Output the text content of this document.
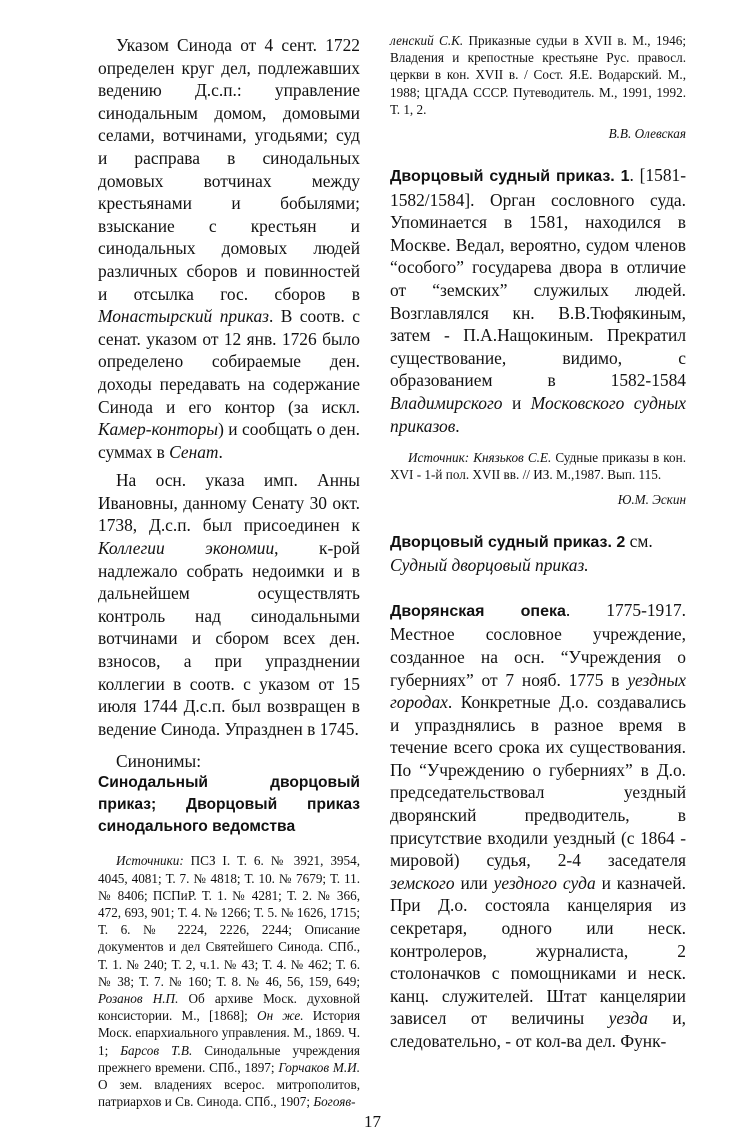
Указом Синода от 4 сент. 1722 определен круг дел, подлежавших ведению Д.с.п.: управление синодальным домом, домовыми селами, вотчинами, угодьями; суд и расправа в синодальных домовых вотчинах между крестьянами и бобылями; взыскание с крестьян и синодальных домовых людей различных сборов и повинностей и отсылка гос. сборов в Монастырский приказ. В соотв. с сенат. указом от 12 янв. 1726 было определено собираемые ден. доходы передавать на содержание Синода и его контор (за искл. Камер-конторы) и сообщать о ден. суммах в Сенат.

На осн. указа имп. Анны Ивановны, данному Сенату 30 окт. 1738, Д.с.п. был присоединен к Коллегии экономии, к-рой надлежало собрать недоимки и в дальнейшем осуществлять контроль над синодальными вотчинами и сбором всех ден. взносов, а при упразднении коллегии в соотв. с указом от 15 июля 1744 Д.с.п. был возвращен в ведение Синода. Упразднен в 1745.

Синонимы:

Синодальный дворцовый приказ; Дворцовый приказ синодального ведомства

Источники: ПСЗ I. Т. 6. № 3921, 3954, 4045, 4081; Т. 7. № 4818; Т. 10. № 7679; Т. 11. № 8406; ПСПиР. Т. 1. № 4281; Т. 2. № 366, 472, 693, 901; Т. 4. № 1266; Т. 5. № 1626, 1715; Т. 6. № 2224, 2226, 2244; Описание документов и дел Святейшего Синода. СПб., Т. 1. № 240; Т. 2, ч.1. № 43; Т. 4. № 462; Т. 6. № 38; Т. 7. № 160; Т. 8. № 46, 56, 159, 649; Розанов Н.П. Об архиве Моск. духовной консистории. М., [1868]; Он же. История Моск. епархиального управления. М., 1869. Ч. 1; Барсов Т.В. Синодальные учреждения прежнего времени. СПб., 1897; Горчаков М.И. О зем. владениях всерос. митрополитов, патриархов и Св. Синода. СПб., 1907; Богояв-

ленский С.К. Приказные судьи в XVII в. М., 1946; Владения и крепостные крестьяне Рус. правосл. церкви в кон. XVII в. / Сост. Я.Е. Водарский. М., 1988; ЦГАДА СССР. Путеводитель. М., 1991, 1992. Т. 1, 2.

В.В. Олевская

Дворцовый судный приказ. 1. [1581-1582/1584]. Орган сословного суда. Упоминается в 1581, находился в Москве. Ведал, вероятно, судом членов “особого” государева двора в отличие от “земских” служилых людей. Возглавлялся кн. В.В.Тюфякиным, затем - П.А.Нащокиным. Прекратил существование, видимо, с образованием в 1582-1584 Владимирского и Московского судных приказов.

Источник: Князьков С.Е. Судные приказы в кон. XVI - 1-й пол. XVII вв. // ИЗ. М.,1987. Вып. 115.

Ю.М. Эскин

Дворцовый судный приказ. 2 см. Судный дворцовый приказ.

Дворянская опека. 1775-1917. Местное сословное учреждение, созданное на осн. “Учреждения о губерниях” от 7 нояб. 1775 в уездных городах. Конкретные Д.о. создавались и упразднялись в разное время в течение всего срока их существования. По “Учреждению о губерниях” в Д.о. председательствовал уездный дворянский предводитель, в присутствие входили уездный (с 1864 - мировой) судья, 2-4 заседателя земского или уездного суда и казначей. При Д.о. состояла канцелярия из секретаря, одного или неск. контролеров, журналиста, 2 столоначков с помощниками и неск. канц. служителей. Штат канцелярии зависел от величины уезда и, следовательно, - от кол-ва дел. Функ-

17
